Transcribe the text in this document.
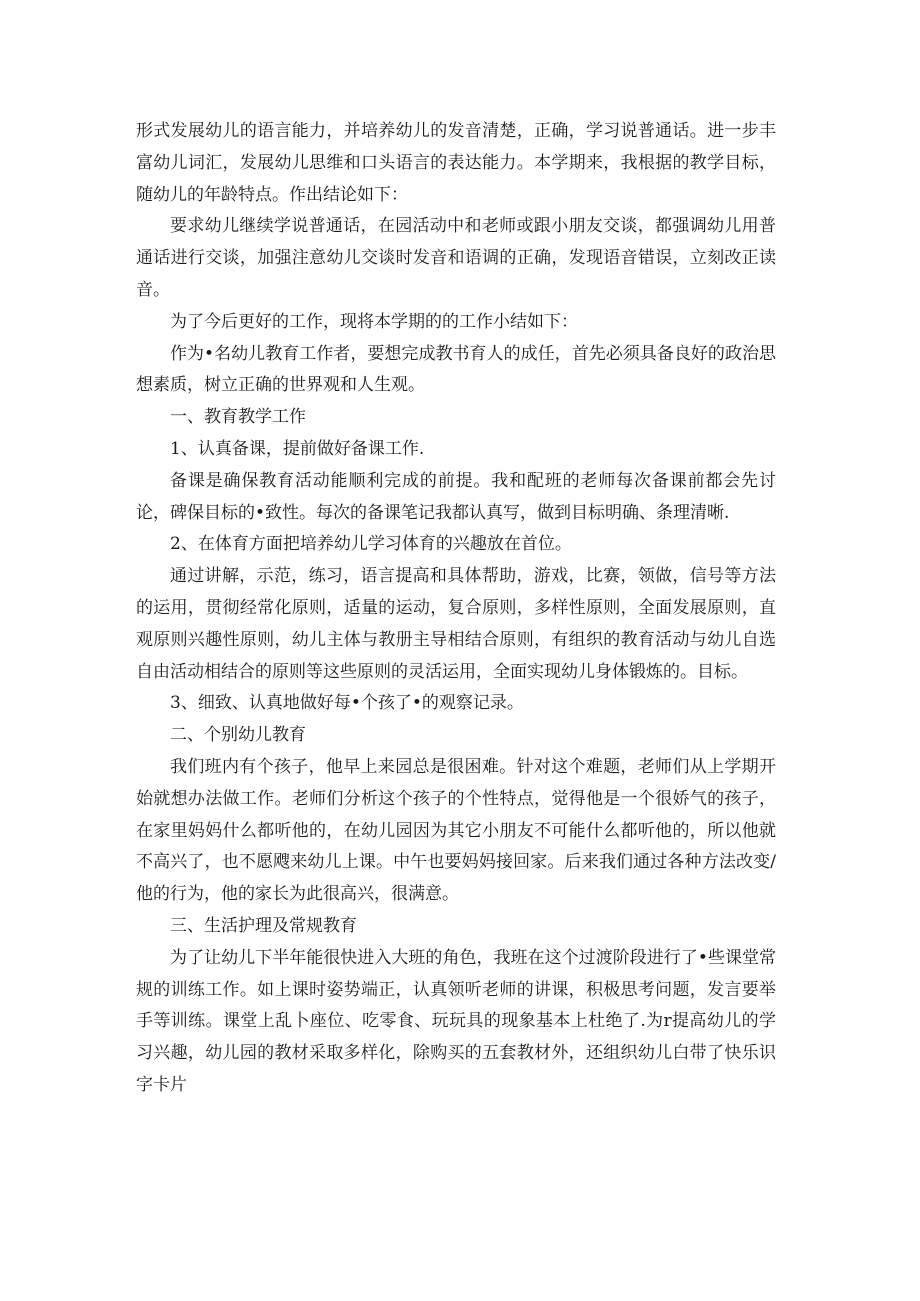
形式发展幼儿的语言能力，并培养幼儿的发音清楚，正确，学习说普通话。进一步丰富幼儿词汇，发展幼儿思维和口头语言的表达能力。本学期来，我根据的教学目标，随幼儿的年龄特点。作出结论如下：

要求幼儿继续学说普通话，在园活动中和老师或跟小朋友交谈，都强调幼儿用普通话进行交谈，加强注意幼儿交谈时发音和语调的正确，发现语音错误，立刻改正读音。

为了今后更好的工作，现将本学期的的工作小结如下：

作为•名幼儿教育工作者，要想完成教书育人的成任，首先必须具备良好的政治思想素质，树立正确的世界观和人生观。

一、教育教学工作

1、认真备课，提前做好备课工作.

备课是确保教育活动能顺利完成的前提。我和配班的老师每次备课前都会先讨论，碑保目标的•致性。每次的备课笔记我都认真写，做到目标明确、条理清晰.

2、在体育方面把培养幼儿学习体育的兴趣放在首位。

通过讲解，示范，练习，语言提高和具体帮助，游戏，比赛，领做，信号等方法的运用，贯彻经常化原则，适量的运动，复合原则，多样性原则，全面发展原则，直观原则兴趣性原则，幼儿主体与教册主导相结合原则，有组织的教育活动与幼儿自选自由活动相结合的原则等这些原则的灵活运用，全面实现幼儿身体锻炼的。目标。

3、细致、认真地做好每•个孩了•的观察记录。

二、个别幼儿教育

我们班内有个孩子，他早上来园总是很困难。针对这个难题，老师们从上学期开始就想办法做工作。老师们分析这个孩子的个性特点，觉得他是一个很娇气的孩子，在家里妈妈什么都听他的，在幼儿园因为其它小朋友不可能什么都听他的，所以他就不高兴了，也不愿飕来幼儿上课。中午也要妈妈接回家。后来我们通过各种方法改变/他的行为，他的家长为此很高兴，很满意。

三、生活护理及常规教育

为了让幼儿下半年能很快进入大班的角色，我班在这个过渡阶段进行了•些课堂常规的训练工作。如上课时姿势端正，认真领听老师的讲课，积极思考问题，发言要举手等训练。课堂上乱卜座位、吃零食、玩玩具的现象基本上杜绝了.为r提高幼儿的学习兴趣，幼儿园的教材采取多样化，除购买的五套教材外，还组织幼儿白带了快乐识字卡片
